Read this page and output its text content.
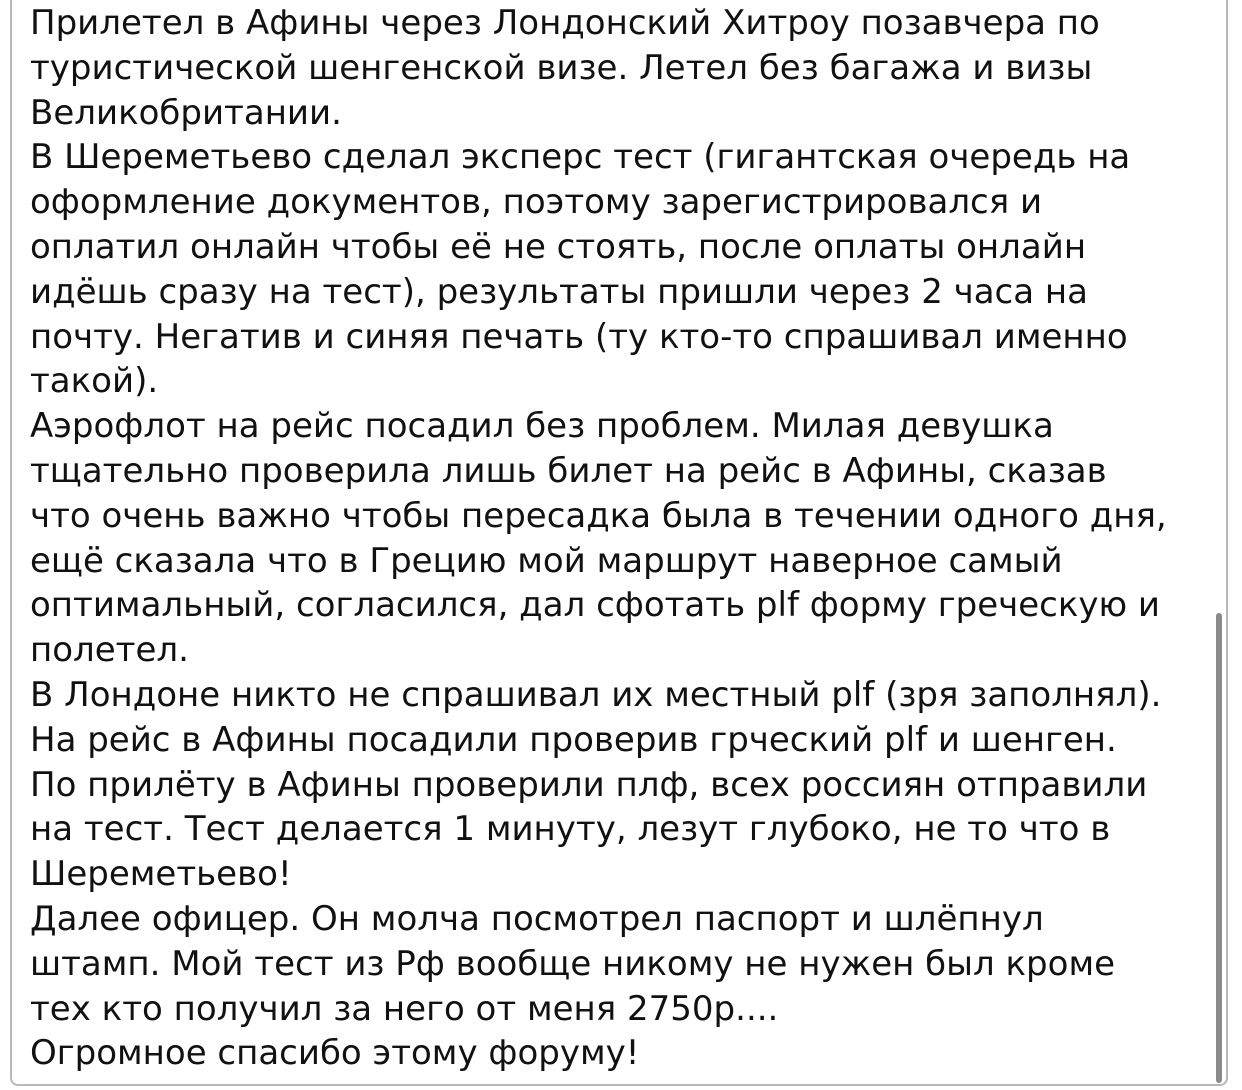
Прилетел в Афины через Лондонский Хитроу позавчера по
туристической шенгенской визе. Летел без багажа и визы
Великобритании.
В Шереметьево сделал эксперс тест (гигантская очередь на
оформление документов, поэтому зарегистрировался и
оплатил онлайн чтобы её не стоять, после оплаты онлайн
идёшь сразу на тест), результаты пришли через 2 часа на
почту. Негатив и синяя печать (ту кто-то спрашивал именно
такой).
Аэрофлот на рейс посадил без проблем. Милая девушка
тщательно проверила лишь билет на рейс в Афины, сказав
что очень важно чтобы пересадка была в течении одного дня,
ещё сказала что в Грецию мой маршрут наверное самый
оптимальный, согласился, дал сфотать plf форму греческую и
полетел.
В Лондоне никто не спрашивал их местный plf (зря заполнял).
На рейс в Афины посадили проверив грческий plf и шенген.
По прилёту в Афины проверили плф, всех россиян отправили
на тест. Тест делается 1 минуту, лезут глубоко, не то что в
Шереметьево!
Далее офицер. Он молча посмотрел паспорт и шлёпнул
штамп. Мой тест из Рф вообще никому не нужен был кроме
тех кто получил за него от меня 2750р....
Огромное спасибо этому форуму!
